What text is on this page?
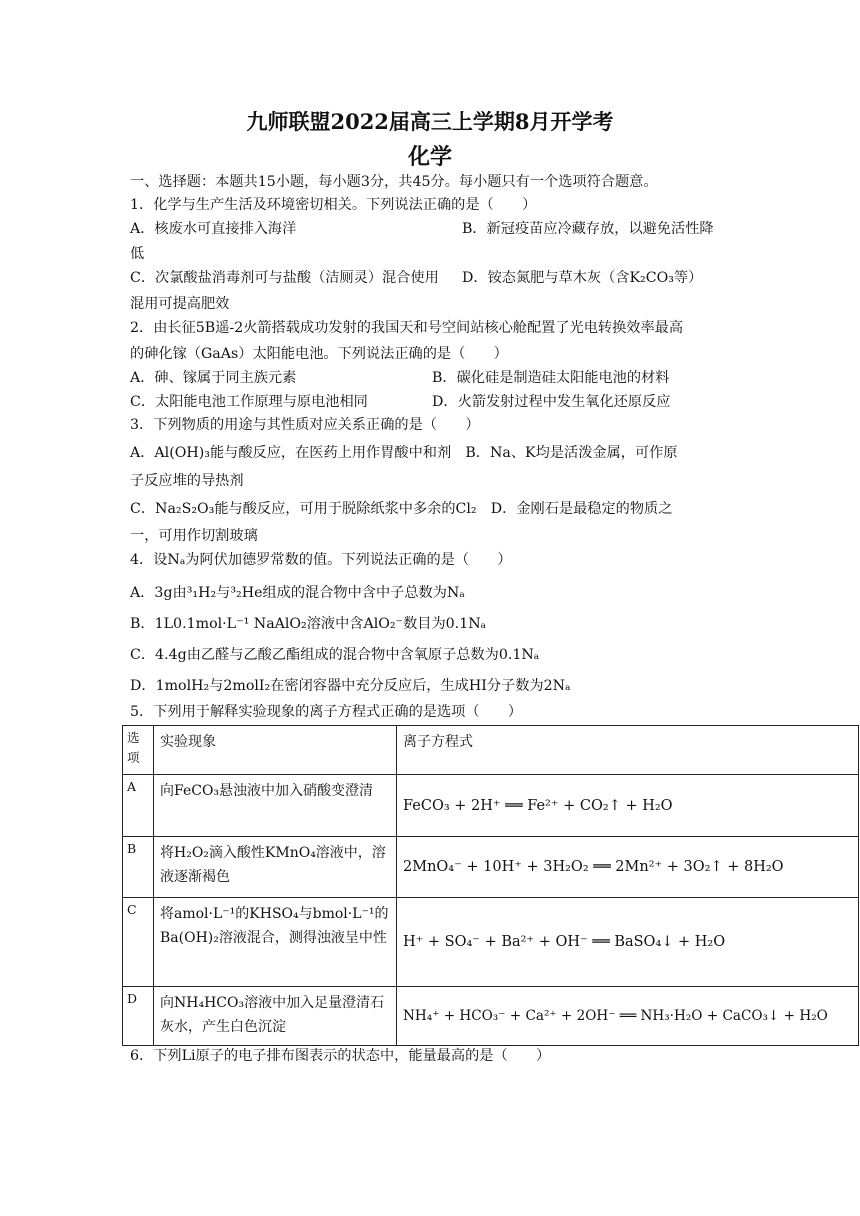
九师联盟2022届高三上学期8月开学考
化学
一、选择题：本题共15小题，每小题3分，共45分。每小题只有一个选项符合题意。
1．化学与生产生活及环境密切相关。下列说法正确的是（　　）
A．核废水可直接排入海洋	B．新冠疫苗应冷藏存放，以避免活性降
低
C．次氯酸盐消毒剂可与盐酸（洁厕灵）混合使用 D．铵态氮肥与草木灰（含K₂CO₃等）
混用可提高肥效
2．由长征5B遥-2火箭搭载成功发射的我国天和号空间站核心舱配置了光电转换效率最高
的砷化镓（GaAs）太阳能电池。下列说法正确的是（　　）
A．砷、镓属于同主族元素	B．碳化硅是制造硅太阳能电池的材料
C．太阳能电池工作原理与原电池相同	D．火箭发射过程中发生氧化还原反应
3．下列物质的用途与其性质对应关系正确的是（　　）
A．Al(OH)₃能与酸反应，在医药上用作胃酸中和剂　B．Na、K均是活泼金属，可作原
子反应堆的导热剂
C．Na₂S₂O₃能与酸反应，可用于脱除纸浆中多余的Cl₂　D．金刚石是最稳定的物质之
一，可用作切割玻璃
4．设Nₐ为阿伏加德罗常数的值。下列说法正确的是（　　）
A．3g由³₁H₂与³₂He组成的混合物中含中子总数为Nₐ
B．1L0.1mol·L⁻¹ NaAlO₂溶液中含AlO₂⁻数目为0.1Nₐ
C．4.4g由乙醛与乙酸乙酯组成的混合物中含氧原子总数为0.1Nₐ
D．1molH₂与2molI₂在密闭容器中充分反应后，生成HI分子数为2Nₐ
5．下列用于解释实验现象的离子方程式正确的是选项（　　）
选项	实验现象	离子方程式
A	向FeCO₃悬浊液中加入硝酸变澄清	FeCO₃ + 2H⁺ ══ Fe²⁺ + CO₂↑ + H₂O
B	将H₂O₂滴入酸性KMnO₄溶液中，溶液逐渐褐色	2MnO₄⁻ + 10H⁺ + 3H₂O₂ ══ 2Mn²⁺ + 3O₂↑ + 8H₂O
C	将amol·L⁻¹的KHSO₄与bmol·L⁻¹的Ba(OH)₂溶液混合，测得浊液呈中性	H⁺ + SO₄⁻ + Ba²⁺ + OH⁻ ══ BaSO₄↓ + H₂O
D	向NH₄HCO₃溶液中加入足量澄清石灰水，产生白色沉淀	NH₄⁺ + HCO₃⁻ + Ca²⁺ + 2OH⁻ ══ NH₃·H₂O + CaCO₃↓ + H₂O
6．下列Li原子的电子排布图表示的状态中，能量最高的是（　　）
